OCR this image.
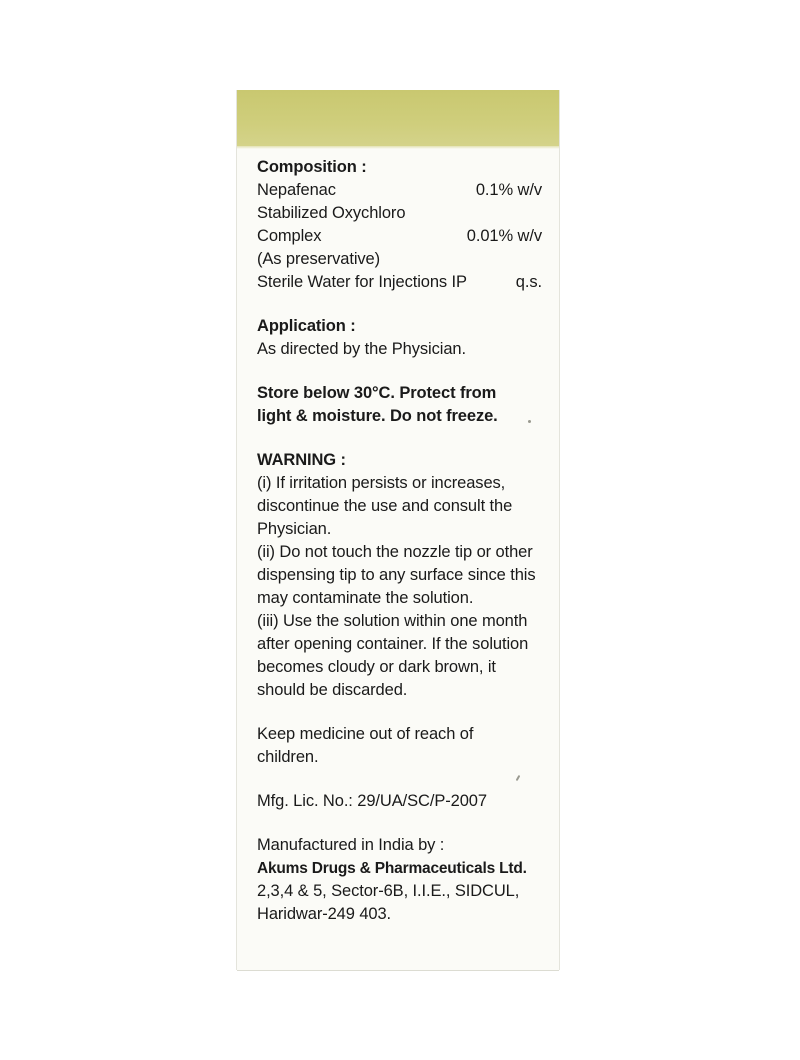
Composition :
Nepafenac	0.1% w/v
Stabilized Oxychloro
Complex	0.01% w/v
(As preservative)
Sterile Water for Injections IP	q.s.
Application :
As directed by the Physician.
Store below 30°C. Protect from
light & moisture. Do not freeze.
WARNING :
(i) If irritation persists or increases,
discontinue the use and consult the
Physician.
(ii) Do not touch the nozzle tip or other
dispensing tip to any surface since this
may contaminate the solution.
(iii) Use the solution within one month
after opening container. If the solution
becomes cloudy or dark brown, it
should be discarded.
Keep medicine out of reach of
children.
Mfg. Lic. No.: 29/UA/SC/P-2007
Manufactured in India by :
Akums Drugs & Pharmaceuticals Ltd.
2,3,4 & 5, Sector-6B, I.I.E., SIDCUL,
Haridwar-249 403.
